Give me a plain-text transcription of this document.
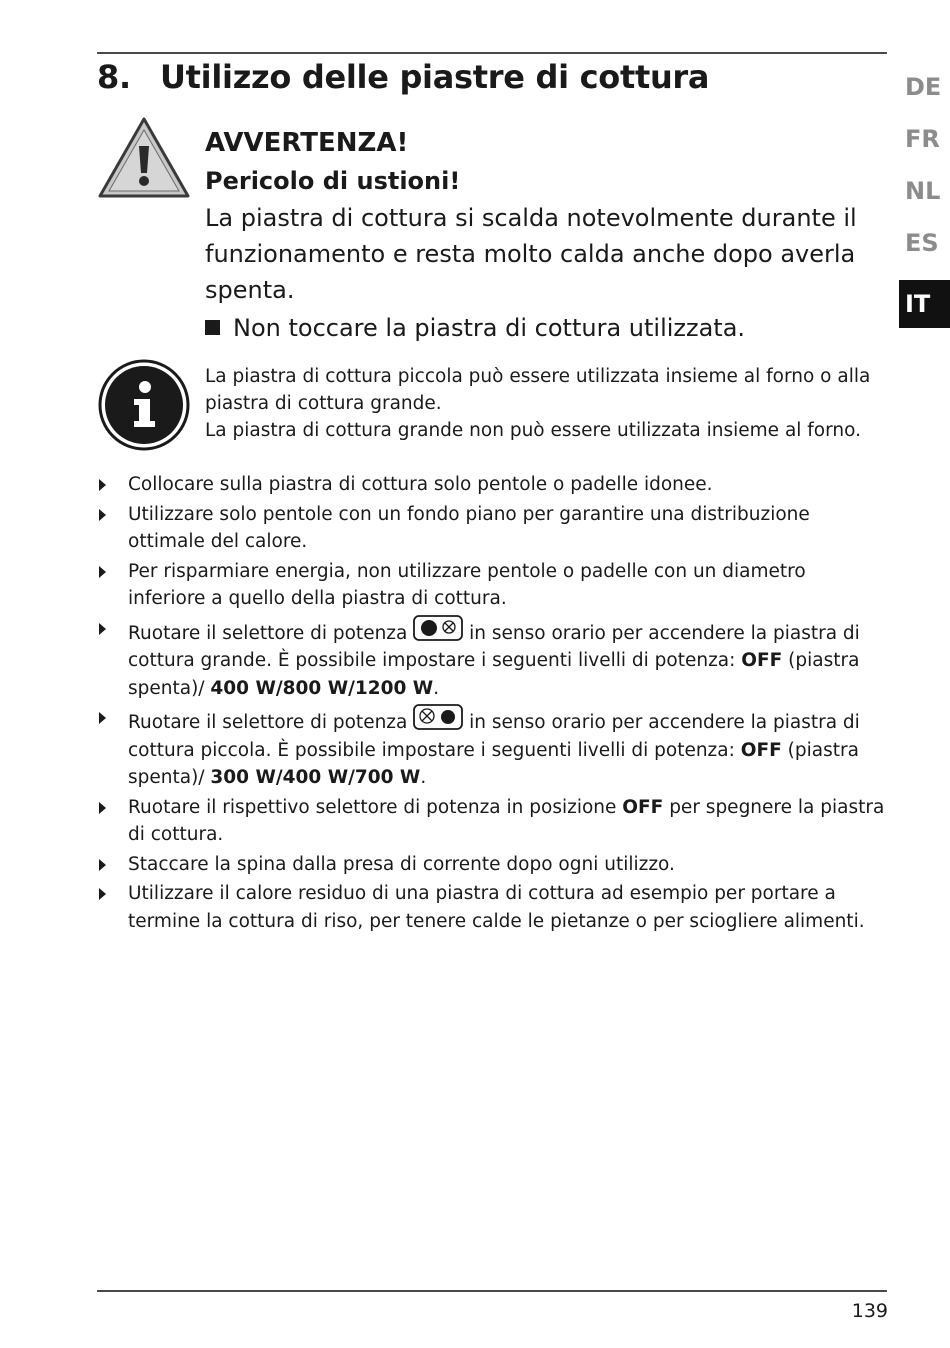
8. Utilizzo delle piastre di cottura	DE
FR
NL
ES
IT

AVVERTENZA!

Pericolo di ustioni!

La piastra di cottura si scalda notevolmente durante il funzionamento e resta molto calda anche dopo averla spenta.

Non toccare la piastra di cottura utilizzata.

La piastra di cottura piccola può essere utilizzata insieme al forno o alla piastra di cottura grande.

La piastra di cottura grande non può essere utilizzata insieme al forno.

Collocare sulla piastra di cottura solo pentole o padelle idonee.

Utilizzare solo pentole con un fondo piano per garantire una distribuzione ottimale del calore.

Per risparmiare energia, non utilizzare pentole o padelle con un diametro inferiore a quello della piastra di cottura.

Ruotare il selettore di potenza	in senso orario per accendere la piastra di cottura grande. È possibile impostare i seguenti livelli di potenza: OFF (piastra spenta)/ 400 W/800 W/1200 W.

Ruotare il selettore di potenza	in senso orario per accendere la piastra di cottura piccola. È possibile impostare i seguenti livelli di potenza: OFF (piastra spenta)/ 300 W/400 W/700 W.

Ruotare il rispettivo selettore di potenza in posizione OFF per spegnere la piastra di cottura.

Staccare la spina dalla presa di corrente dopo ogni utilizzo.

Utilizzare il calore residuo di una piastra di cottura ad esempio per portare a termine la cottura di riso, per tenere calde le pietanze o per sciogliere alimenti.

139
